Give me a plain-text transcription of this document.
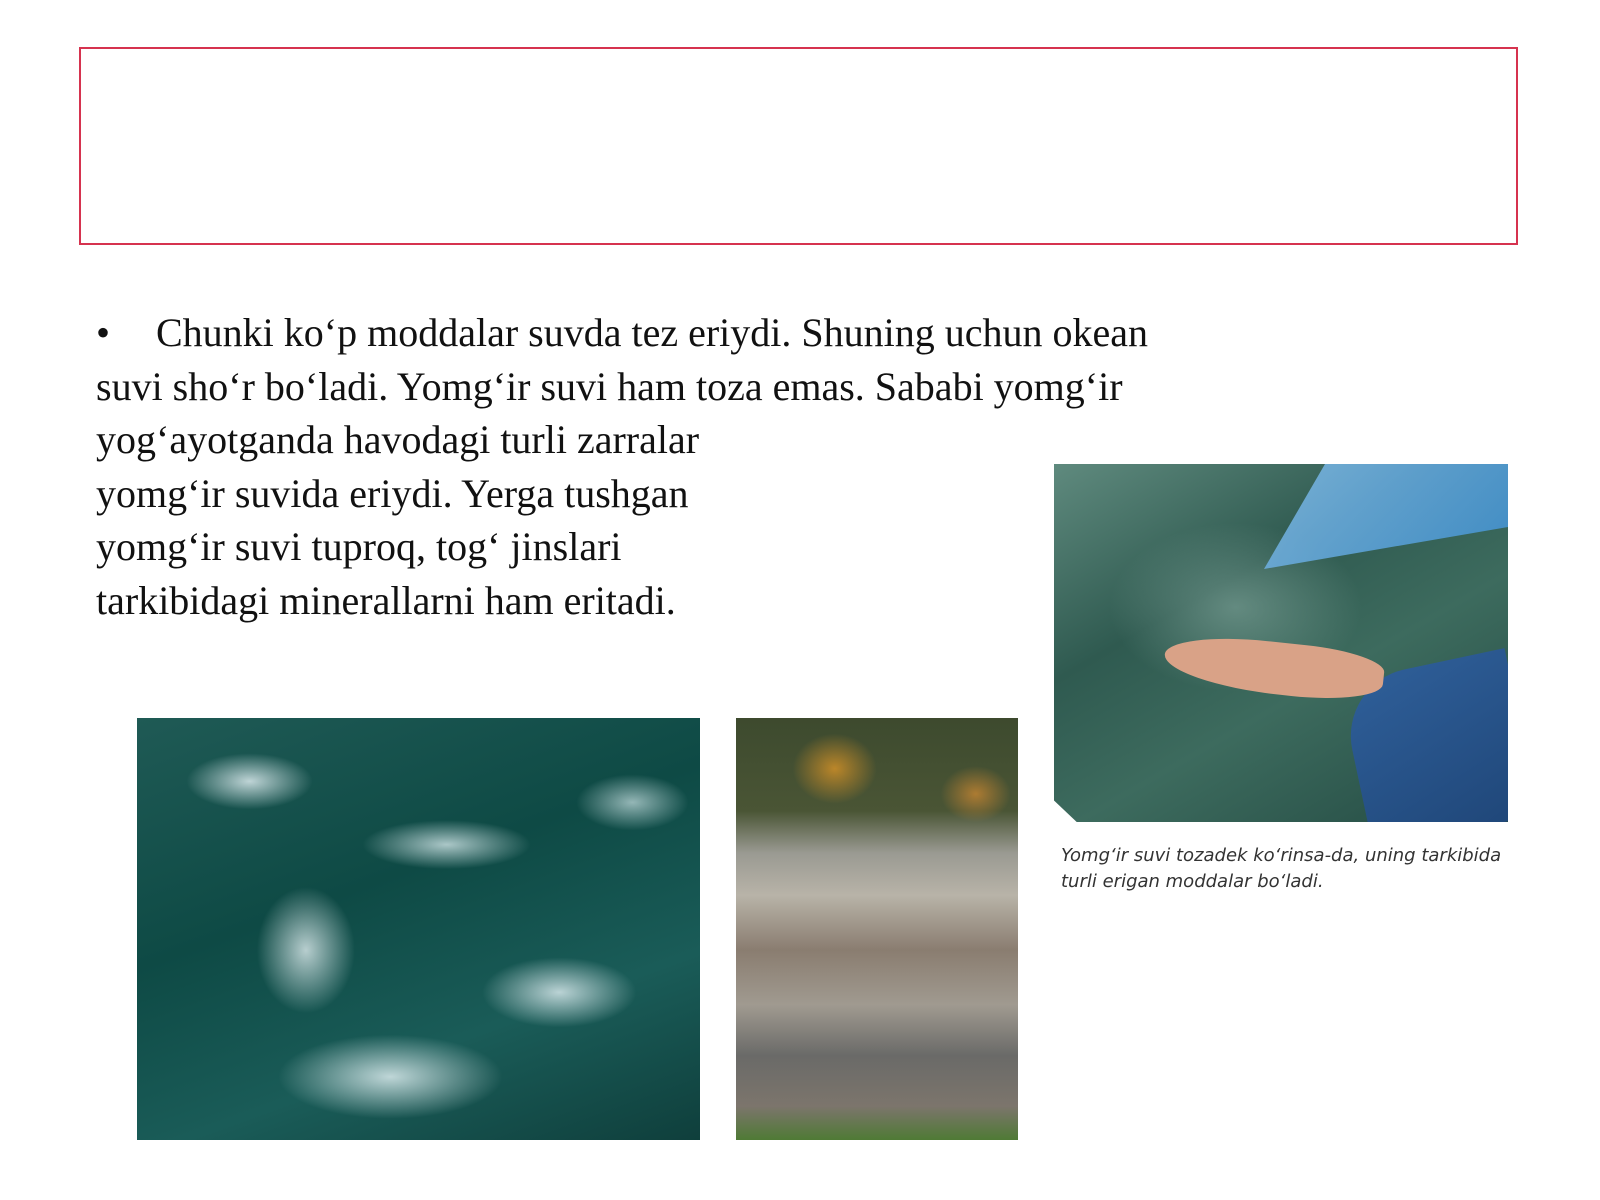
• Chunki ko‘p moddalar suvda tez eriydi. Shuning uchun okean
suvi sho‘r bo‘ladi. Yomg‘ir suvi ham toza emas. Sababi yomg‘ir
yog‘ayotganda havodagi turli zarralar
yomg‘ir suvida eriydi. Yerga tushgan
yomg‘ir suvi tuproq, tog‘ jinslari
tarkibidagi minerallarni ham eritadi.
Yomg‘ir suvi tozadek ko‘rinsa-da, uning tarkibida
turli erigan moddalar bo‘ladi.
